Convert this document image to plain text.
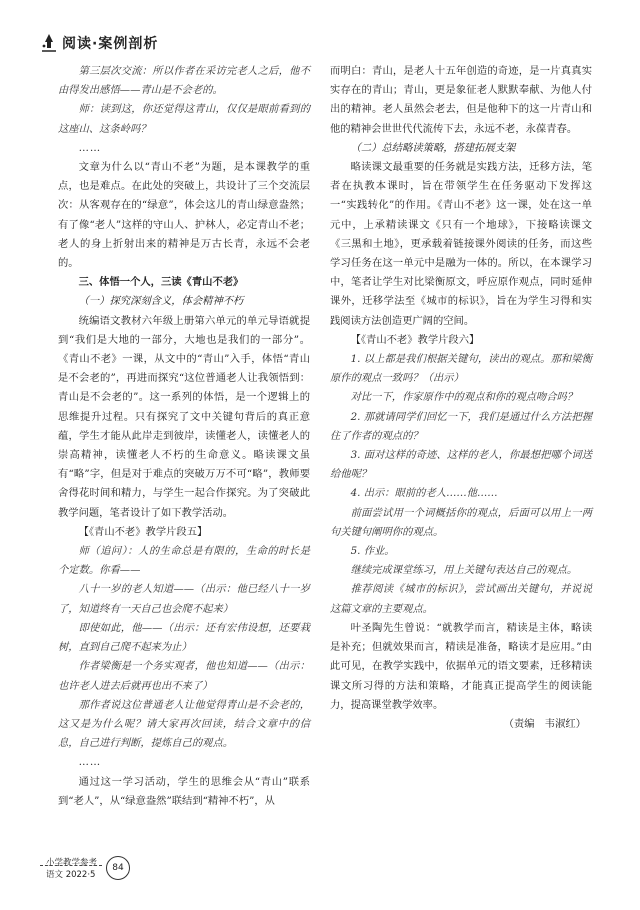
阅读·案例剖析

第三层次交流：所以作者在采访完老人之后，他不由得发出感悟——青山是不会老的。

师：读到这，你还觉得这青山，仅仅是眼前看到的这座山、这条岭吗？

……

文章为什么以“青山不老”为题，是本课教学的重点，也是难点。在此处的突破上，共设计了三个交流层次：从客观存在的“绿意”，体会这儿的青山绿意盎然；有了像“老人”这样的守山人、护林人，必定青山不老；老人的身上折射出来的精神是万古长青，永远不会老的。

三、体悟一个人，三读《青山不老》

（一）探究深刻含义，体会精神不朽

统编语文教材六年级上册第六单元的单元导语就提到“我们是大地的一部分，大地也是我们的一部分”。《青山不老》一课，从文中的“青山”入手，体悟“青山是不会老的”，再进而探究“这位普通老人让我领悟到：青山是不会老的”。这一系列的体悟，是一个逻辑上的思维提升过程。只有探究了文中关键句背后的真正意蕴，学生才能从此岸走到彼岸，读懂老人，读懂老人的崇高精神，读懂老人不朽的生命意义。略读课文虽有“略”字，但是对于难点的突破万万不可“略”，教师要舍得花时间和精力，与学生一起合作探究。为了突破此教学问题，笔者设计了如下教学活动。

【《青山不老》教学片段五】

师（追问）：人的生命总是有限的，生命的时长是个定数。你看——

八十一岁的老人知道——（出示：他已经八十一岁了，知道终有一天自己也会爬不起来）

即使如此，他——（出示：还有宏伟设想，还要栽树，直到自己爬不起来为止）

作者梁衡是一个务实观者，他也知道——（出示：也许老人进去后就再也出不来了）

那作者说这位普通老人让他觉得青山是不会老的，这又是为什么呢？请大家再次回读，结合文章中的信息，自己进行判断，提炼自己的观点。

……

通过这一学习活动，学生的思维会从“青山”联系到“老人”，从“绿意盎然”联结到“精神不朽”，从

而明白：青山，是老人十五年创造的奇迹，是一片真真实实存在的青山；青山，更是象征老人默默奉献、为他人付出的精神。老人虽然会老去，但是他种下的这一片青山和他的精神会世世代代流传下去，永远不老，永葆青春。

（二）总结略读策略，搭建拓展支架

略读课文最重要的任务就是实践方法，迁移方法，笔者在执教本课时，旨在带领学生在任务驱动下发挥这一“实践转化”的作用。《青山不老》这一课，处在这一单元中，上承精读课文《只有一个地球》，下接略读课文《三黑和土地》，更承载着链接课外阅读的任务，而这些学习任务在这一单元中是融为一体的。所以，在本课学习中，笔者让学生对比梁衡原文，呼应原作观点，同时延伸课外，迁移学法至《城市的标识》，旨在为学生习得和实践阅读方法创造更广阔的空间。

【《青山不老》教学片段六】

1. 以上都是我们根据关键句，读出的观点。那和梁衡原作的观点一致吗？（出示）

对比一下，作家原作中的观点和你的观点吻合吗？

2. 那就请同学们回忆一下，我们是通过什么方法把握住了作者的观点的？

3. 面对这样的奇迹、这样的老人，你最想把哪个词送给他呢？

4. 出示：眼前的老人……他……

前面尝试用一个词概括你的观点，后面可以用上一两句关键句阐明你的观点。

5. 作业。

继续完成课堂练习，用上关键句表达自己的观点。

推荐阅读《城市的标识》，尝试画出关键句，并说说这篇文章的主要观点。

叶圣陶先生曾说：“就教学而言，精读是主体，略读是补充；但就效果而言，精读是准备，略读才是应用。”由此可见，在教学实践中，依据单元的语文要素，迁移精读课文所习得的方法和策略，才能真正提高学生的阅读能力，提高课堂教学效率。

（责编　韦淑红）

小学教学参考
语文 2022·5
84
